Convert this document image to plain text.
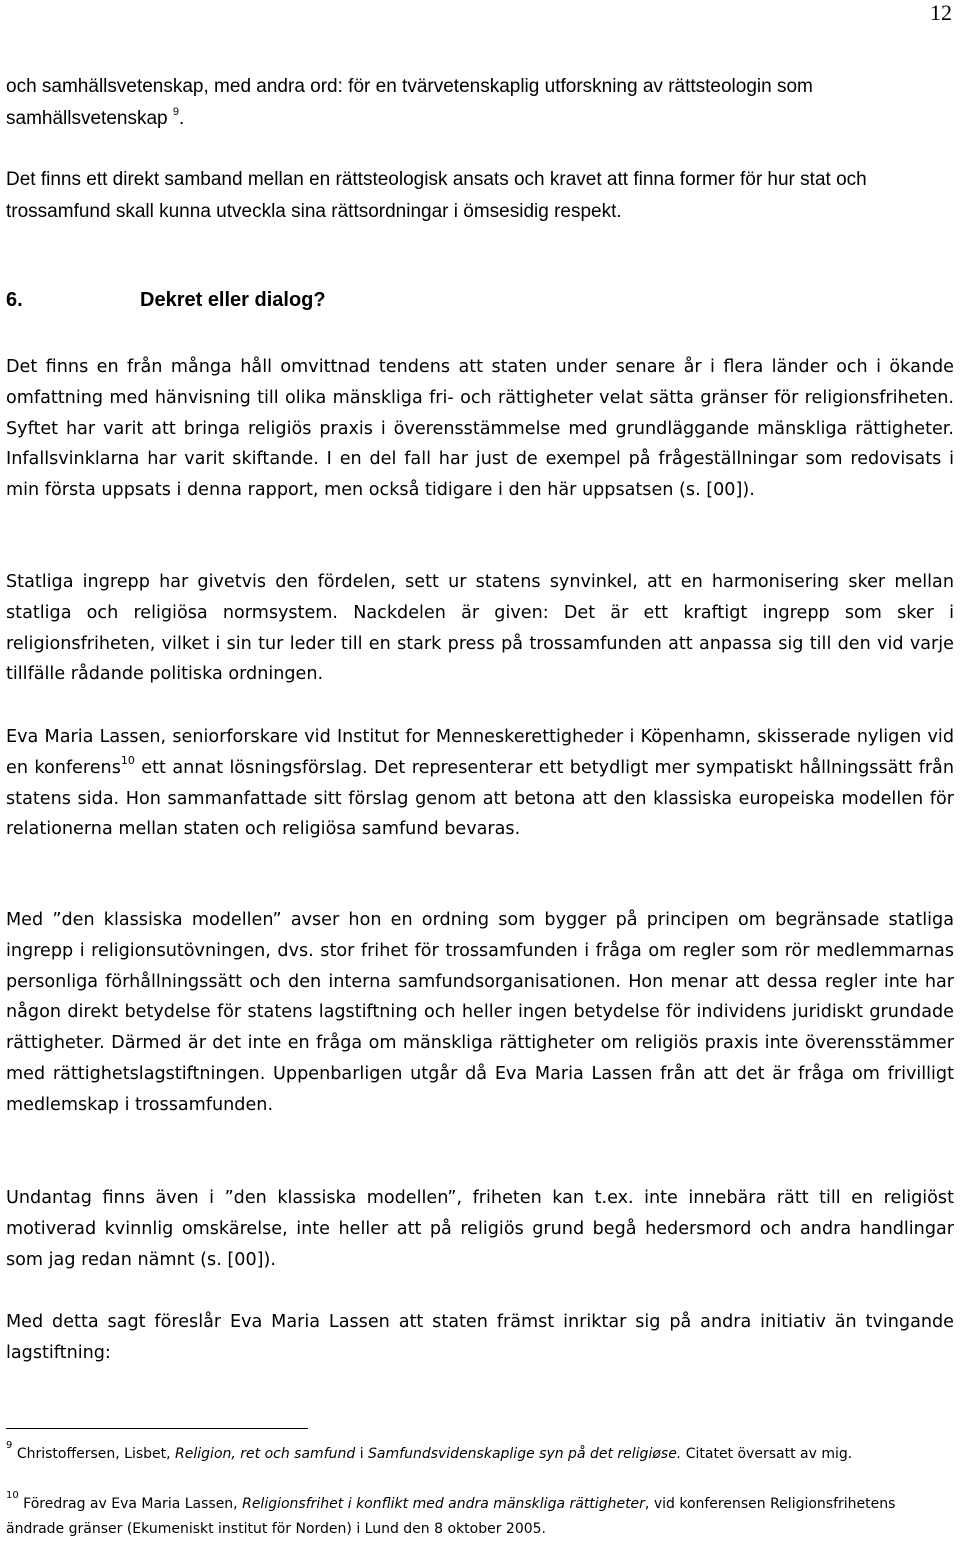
12

och samhällsvetenskap, med andra ord: för en tvärvetenskaplig utforskning av rättsteologin som samhällsvetenskap $^9$.

Det finns ett direkt samband mellan en rättsteologisk ansats och kravet att finna former för hur stat och trossamfund skall kunna utveckla sina rättsordningar i ömsesidig respekt.

6.	Dekret eller dialog?

Det finns en från många håll omvittnad tendens att staten under senare år i flera länder och i ökande omfattning med hänvisning till olika mänskliga fri- och rättigheter velat sätta gränser för religionsfriheten. Syftet har varit att bringa religiös praxis i överensstämmelse med grundläggande mänskliga rättigheter. Infallsvinklarna har varit skiftande. I en del fall har just de exempel på frågeställningar som redovisats i min första uppsats i denna rapport, men också tidigare i den här uppsatsen (s. [00]).

Statliga ingrepp har givetvis den fördelen, sett ur statens synvinkel, att en harmonisering sker mellan statliga och religiösa normsystem. Nackdelen är given: Det är ett kraftigt ingrepp som sker i religionsfriheten, vilket i sin tur leder till en stark press på trossamfunden att anpassa sig till den vid varje tillfälle rådande politiska ordningen.

Eva Maria Lassen, seniorforskare vid Institut for Menneskerettigheder i Köpenhamn, skisserade nyligen vid en konferens$^{10}$ ett annat lösningsförslag. Det representerar ett betydligt mer sympatiskt hållningssätt från statens sida. Hon sammanfattade sitt förslag genom att betona att den klassiska europeiska modellen för relationerna mellan staten och religiösa samfund bevaras.

Med ”den klassiska modellen” avser hon en ordning som bygger på principen om begränsade statliga ingrepp i religionsutövningen, dvs. stor frihet för trossamfunden i fråga om regler som rör medlemmarnas personliga förhållningssätt och den interna samfundsorganisationen. Hon menar att dessa regler inte har någon direkt betydelse för statens lagstiftning och heller ingen betydelse för individens juridiskt grundade rättigheter. Därmed är det inte en fråga om mänskliga rättigheter om religiös praxis inte överensstämmer med rättighetslagstiftningen. Uppenbarligen utgår då Eva Maria Lassen från att det är fråga om frivilligt medlemskap i trossamfunden.

Undantag finns även i ”den klassiska modellen”, friheten kan t.ex. inte innebära rätt till en religiöst motiverad kvinnlig omskärelse, inte heller att på religiös grund begå hedersmord och andra handlingar som jag redan nämnt (s. [00]).

Med detta sagt föreslår Eva Maria Lassen att staten främst inriktar sig på andra initiativ än tvingande lagstiftning:

$^9$ Christoffersen, Lisbet, Religion, ret och samfund i Samfundsvidenskaplige syn på det religiøse. Citatet översatt av mig.

$^{10}$ Föredrag av Eva Maria Lassen, Religionsfrihet i konflikt med andra mänskliga rättigheter, vid konferensen Religionsfrihetens ändrade gränser (Ekumeniskt institut för Norden) i Lund den 8 oktober 2005.
